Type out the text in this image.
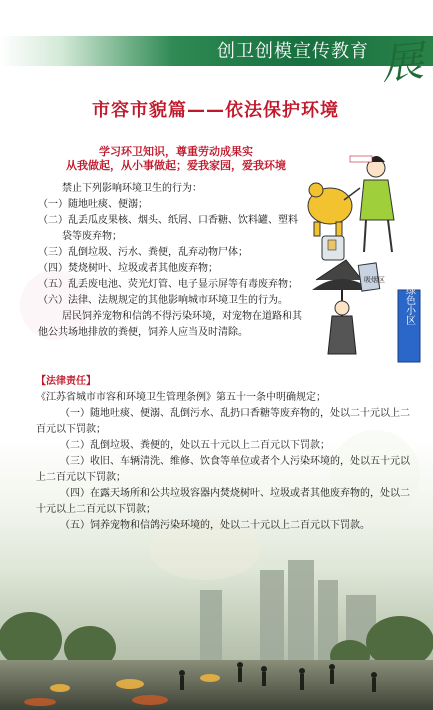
创卫创模宣传教育 展
市容市貌篇——依法保护环境
学习环卫知识，尊重劳动成果实
从我做起，从小事做起；爱我家园，爱我环境

禁止下列影响环境卫生的行为：

（一）随地吐痰、便溺；

（二）乱丢瓜皮果核、烟头、纸屑、口香糖、饮料罐、塑料袋等废弃物；

（三）乱倒垃圾、污水、粪便，乱弃动物尸体；

（四）焚烧树叶、垃圾或者其他废弃物；

（五）乱丢废电池、荧光灯管、电子显示屏等有毒废弃物；

（六）法律、法规规定的其他影响城市环境卫生的行为。

居民饲养宠物和信鸽不得污染环境，对宠物在道路和其他公共场地排放的粪便，饲养人应当及时清除。

吸烟区
绿色小区

【法律责任】

《江苏省城市市容和环境卫生管理条例》第五十一条中明确规定；

（一）随地吐痰、便溺、乱倒污水、乱扔口香糖等废弃物的，处以二十元以上二百元以下罚款；

（二）乱倒垃圾、粪便的，处以五十元以上二百元以下罚款；

（三）收旧、车辆清洗、维修、饮食等单位或者个人污染环境的，处以五十元以上二百元以下罚款；

（四）在露天场所和公共垃圾容器内焚烧树叶、垃圾或者其他废弃物的，处以二十元以上二百元以下罚款；

（五）饲养宠物和信鸽污染环境的，处以二十元以上二百元以下罚款。
